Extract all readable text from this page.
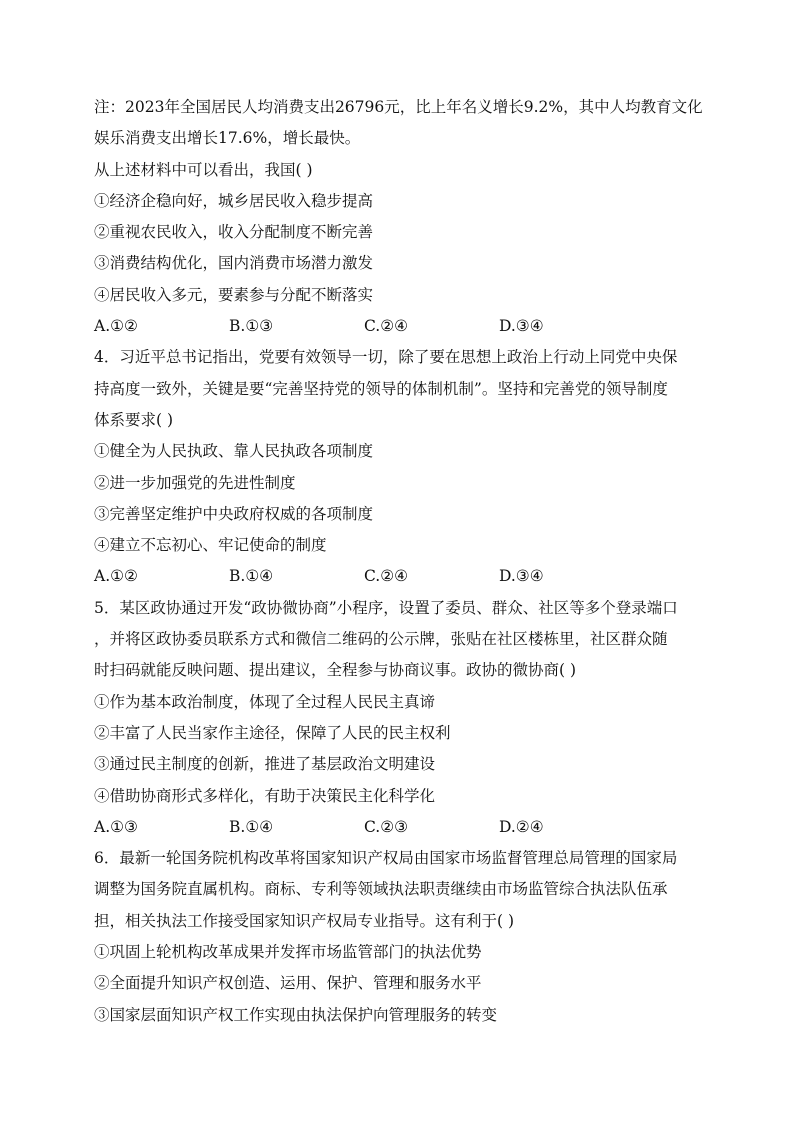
注：2023年全国居民人均消费支出26796元，比上年名义增长9.2%，其中人均教育文化
娱乐消费支出增长17.6%，增长最快。
从上述材料中可以看出，我国( )
①经济企稳向好，城乡居民收入稳步提高
②重视农民收入，收入分配制度不断完善
③消费结构优化，国内消费市场潜力激发
④居民收入多元，要素参与分配不断落实
A.①②	B.①③	C.②④	D.③④
4．习近平总书记指出，党要有效领导一切，除了要在思想上政治上行动上同党中央保
持高度一致外，关键是要“完善坚持党的领导的体制机制”。坚持和完善党的领导制度
体系要求( )
①健全为人民执政、靠人民执政各项制度
②进一步加强党的先进性制度
③完善坚定维护中央政府权威的各项制度
④建立不忘初心、牢记使命的制度
A.①②	B.①④	C.②④	D.③④
5．某区政协通过开发“政协微协商”小程序，设置了委员、群众、社区等多个登录端口
，并将区政协委员联系方式和微信二维码的公示牌，张贴在社区楼栋里，社区群众随
时扫码就能反映问题、提出建议，全程参与协商议事。政协的微协商( )
①作为基本政治制度，体现了全过程人民民主真谛
②丰富了人民当家作主途径，保障了人民的民主权利
③通过民主制度的创新，推进了基层政治文明建设
④借助协商形式多样化，有助于决策民主化科学化
A.①③	B.①④	C.②③	D.②④
6．最新一轮国务院机构改革将国家知识产权局由国家市场监督管理总局管理的国家局
调整为国务院直属机构。商标、专利等领域执法职责继续由市场监管综合执法队伍承
担，相关执法工作接受国家知识产权局专业指导。这有利于( )
①巩固上轮机构改革成果并发挥市场监管部门的执法优势
②全面提升知识产权创造、运用、保护、管理和服务水平
③国家层面知识产权工作实现由执法保护向管理服务的转变
